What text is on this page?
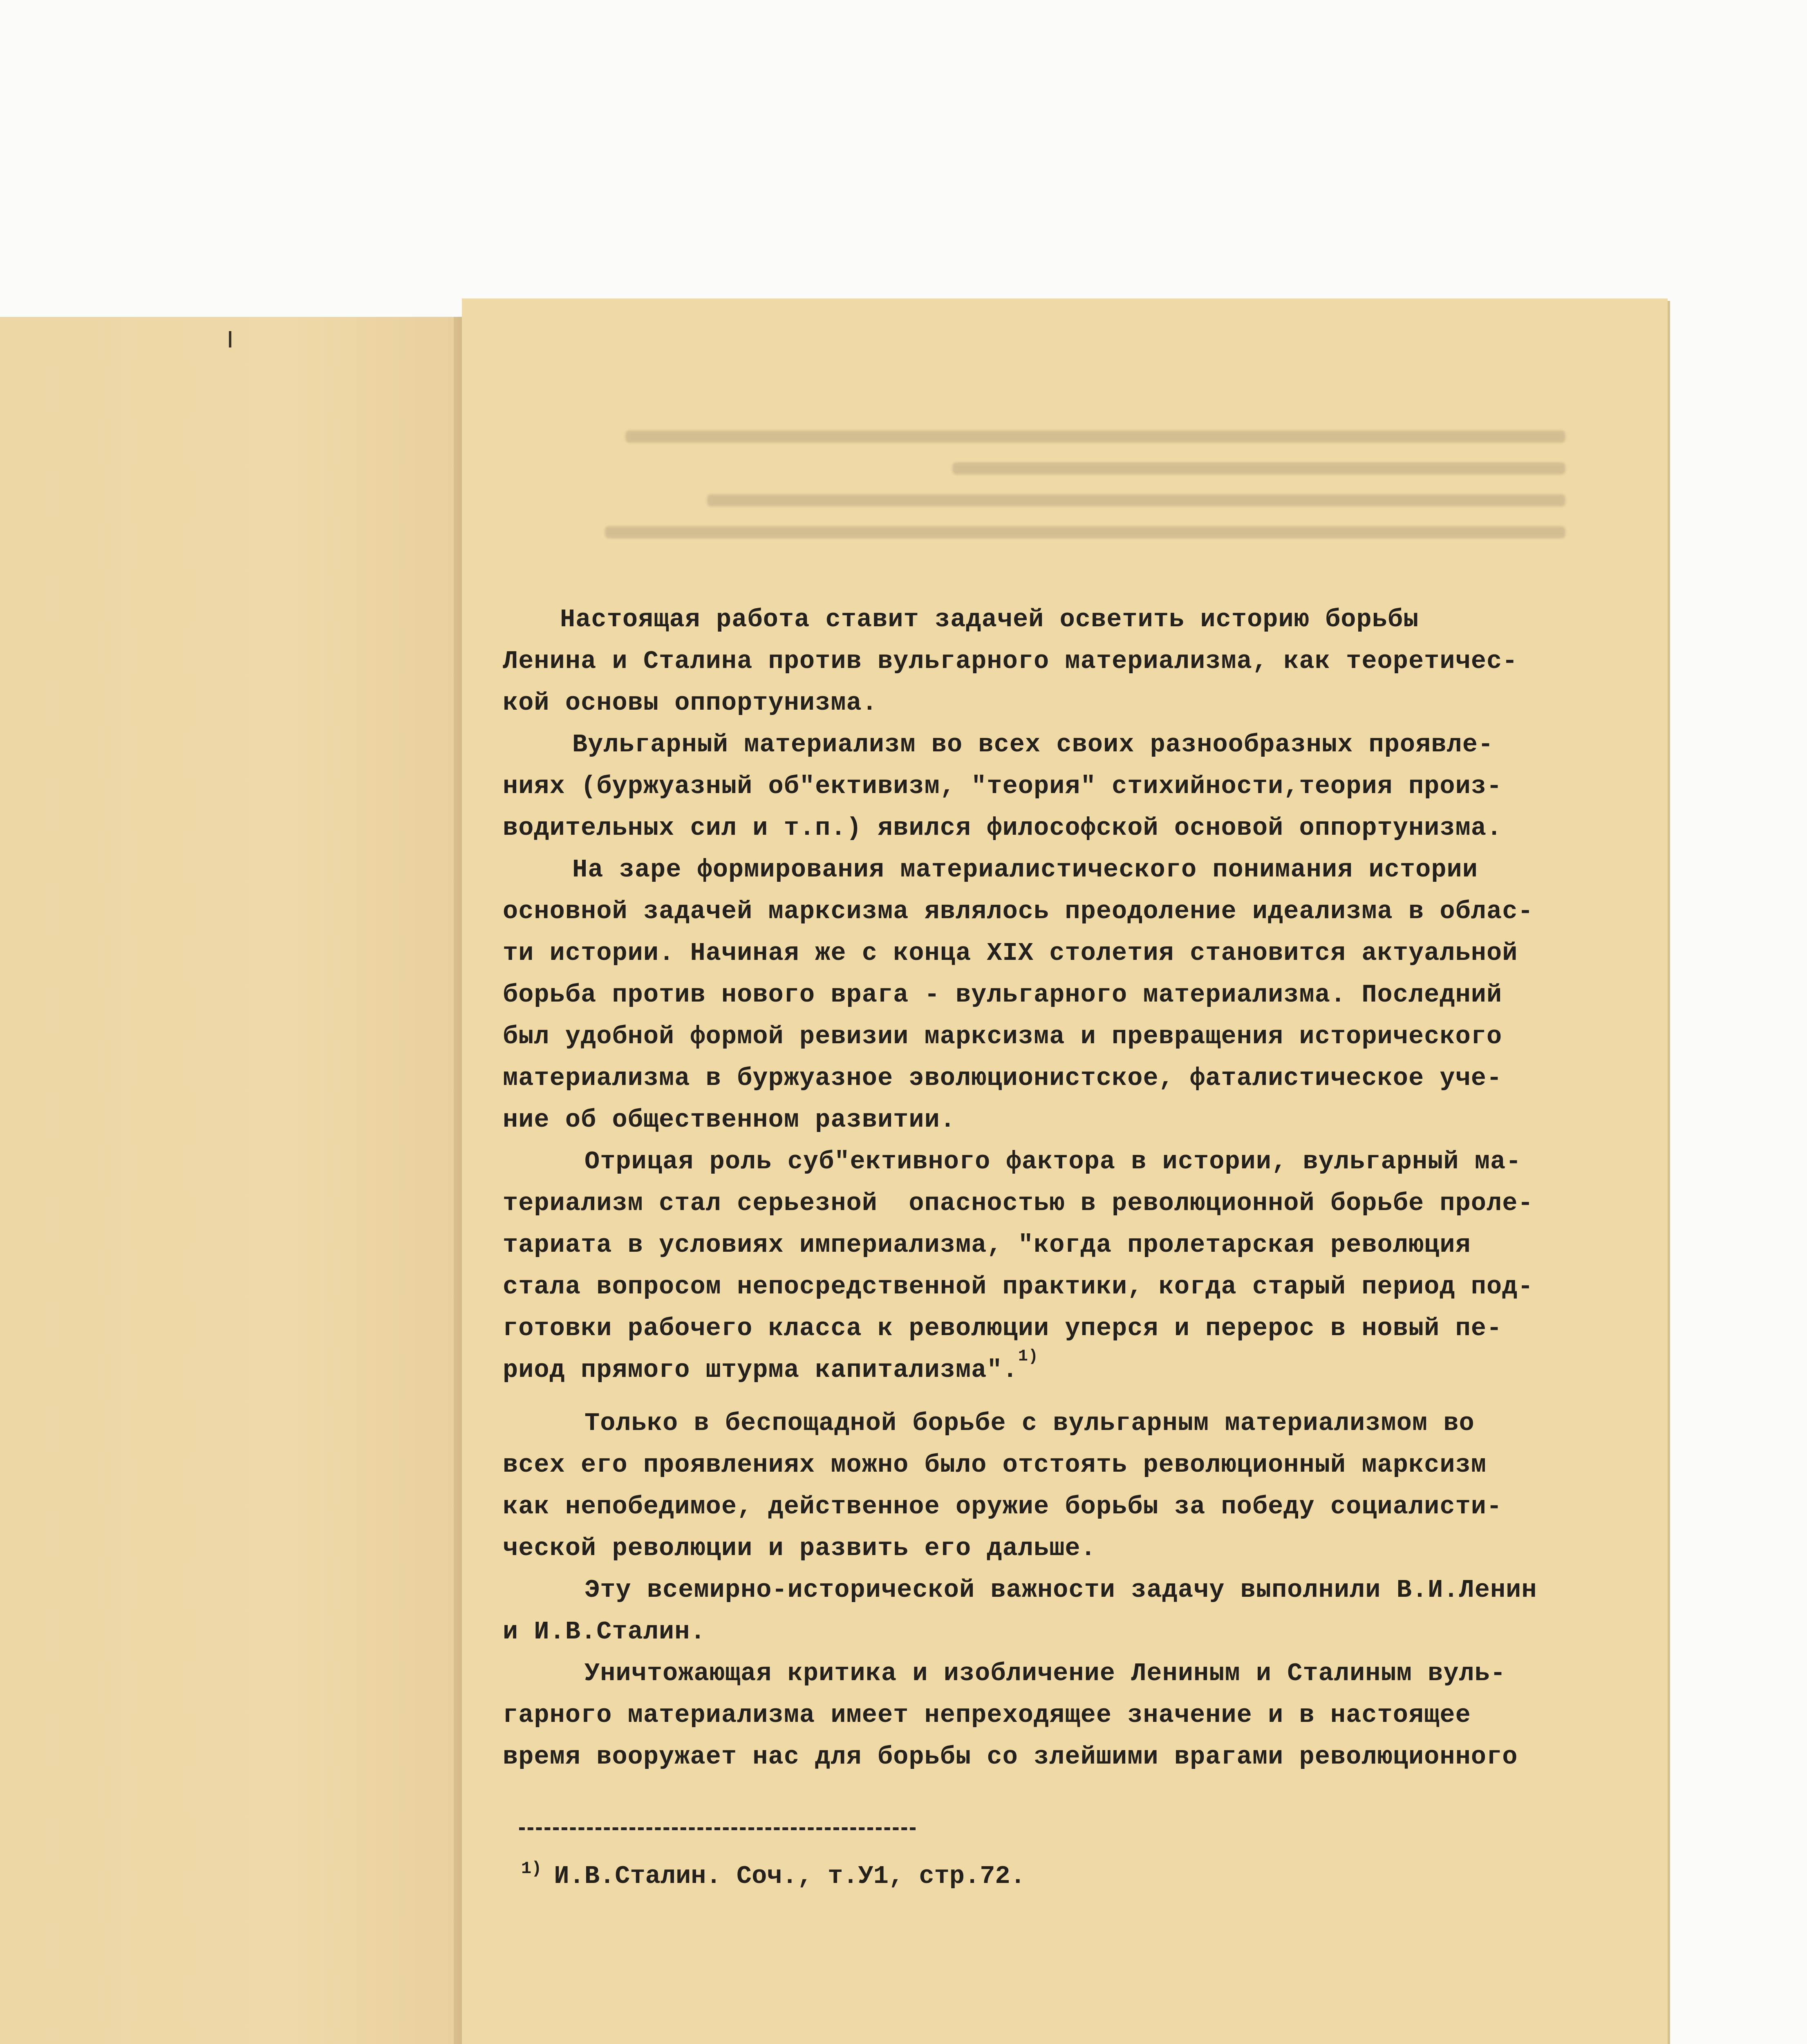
Настоящая работа ставит задачей осветить историю борьбы
Ленина и Сталина против вульгарного материализма, как теоретичес-
кой основы оппортунизма.
Вульгарный материализм во всех своих разнообразных проявле-
ниях (буржуазный об"ективизм, "теория" стихийности,теория произ-
водительных сил и т.п.) явился философской основой оппортунизма.
На заре формирования материалистического понимания истории
основной задачей марксизма являлось преодоление идеализма в облас-
ти истории. Начиная же с конца XIX столетия становится актуальной
борьба против нового врага - вульгарного материализма. Последний
был удобной формой ревизии марксизма и превращения исторического
материализма в буржуазное эволюционистское, фаталистическое уче-
ние об общественном развитии.
Отрицая роль суб"ективного фактора в истории, вульгарный ма-
териализм стал серьезной  опасностью в революционной борьбе проле-
тариата в условиях империализма, "когда пролетарская революция
стала вопросом непосредственной практики, когда старый период под-
готовки рабочего класса к революции уперся и перерос в новый пе-
риод прямого штурма капитализма".$^{1)}$
Только в беспощадной борьбе с вульгарным материализмом во
всех его проявлениях можно было отстоять революционный марксизм
как непобедимое, действенное оружие борьбы за победу социалисти-
ческой революции и развить его дальше.
Эту всемирно-исторической важности задачу выполнили В.И.Ленин
и И.В.Сталин.
Уничтожающая критика и изобличение Лениным и Сталиным вуль-
гарного материализма имеет непреходящее значение и в настоящее
время вооружает нас для борьбы со злейшими врагами революционного
$^{1)}$ И.В.Сталин. Соч., т.У1, стр.72.
